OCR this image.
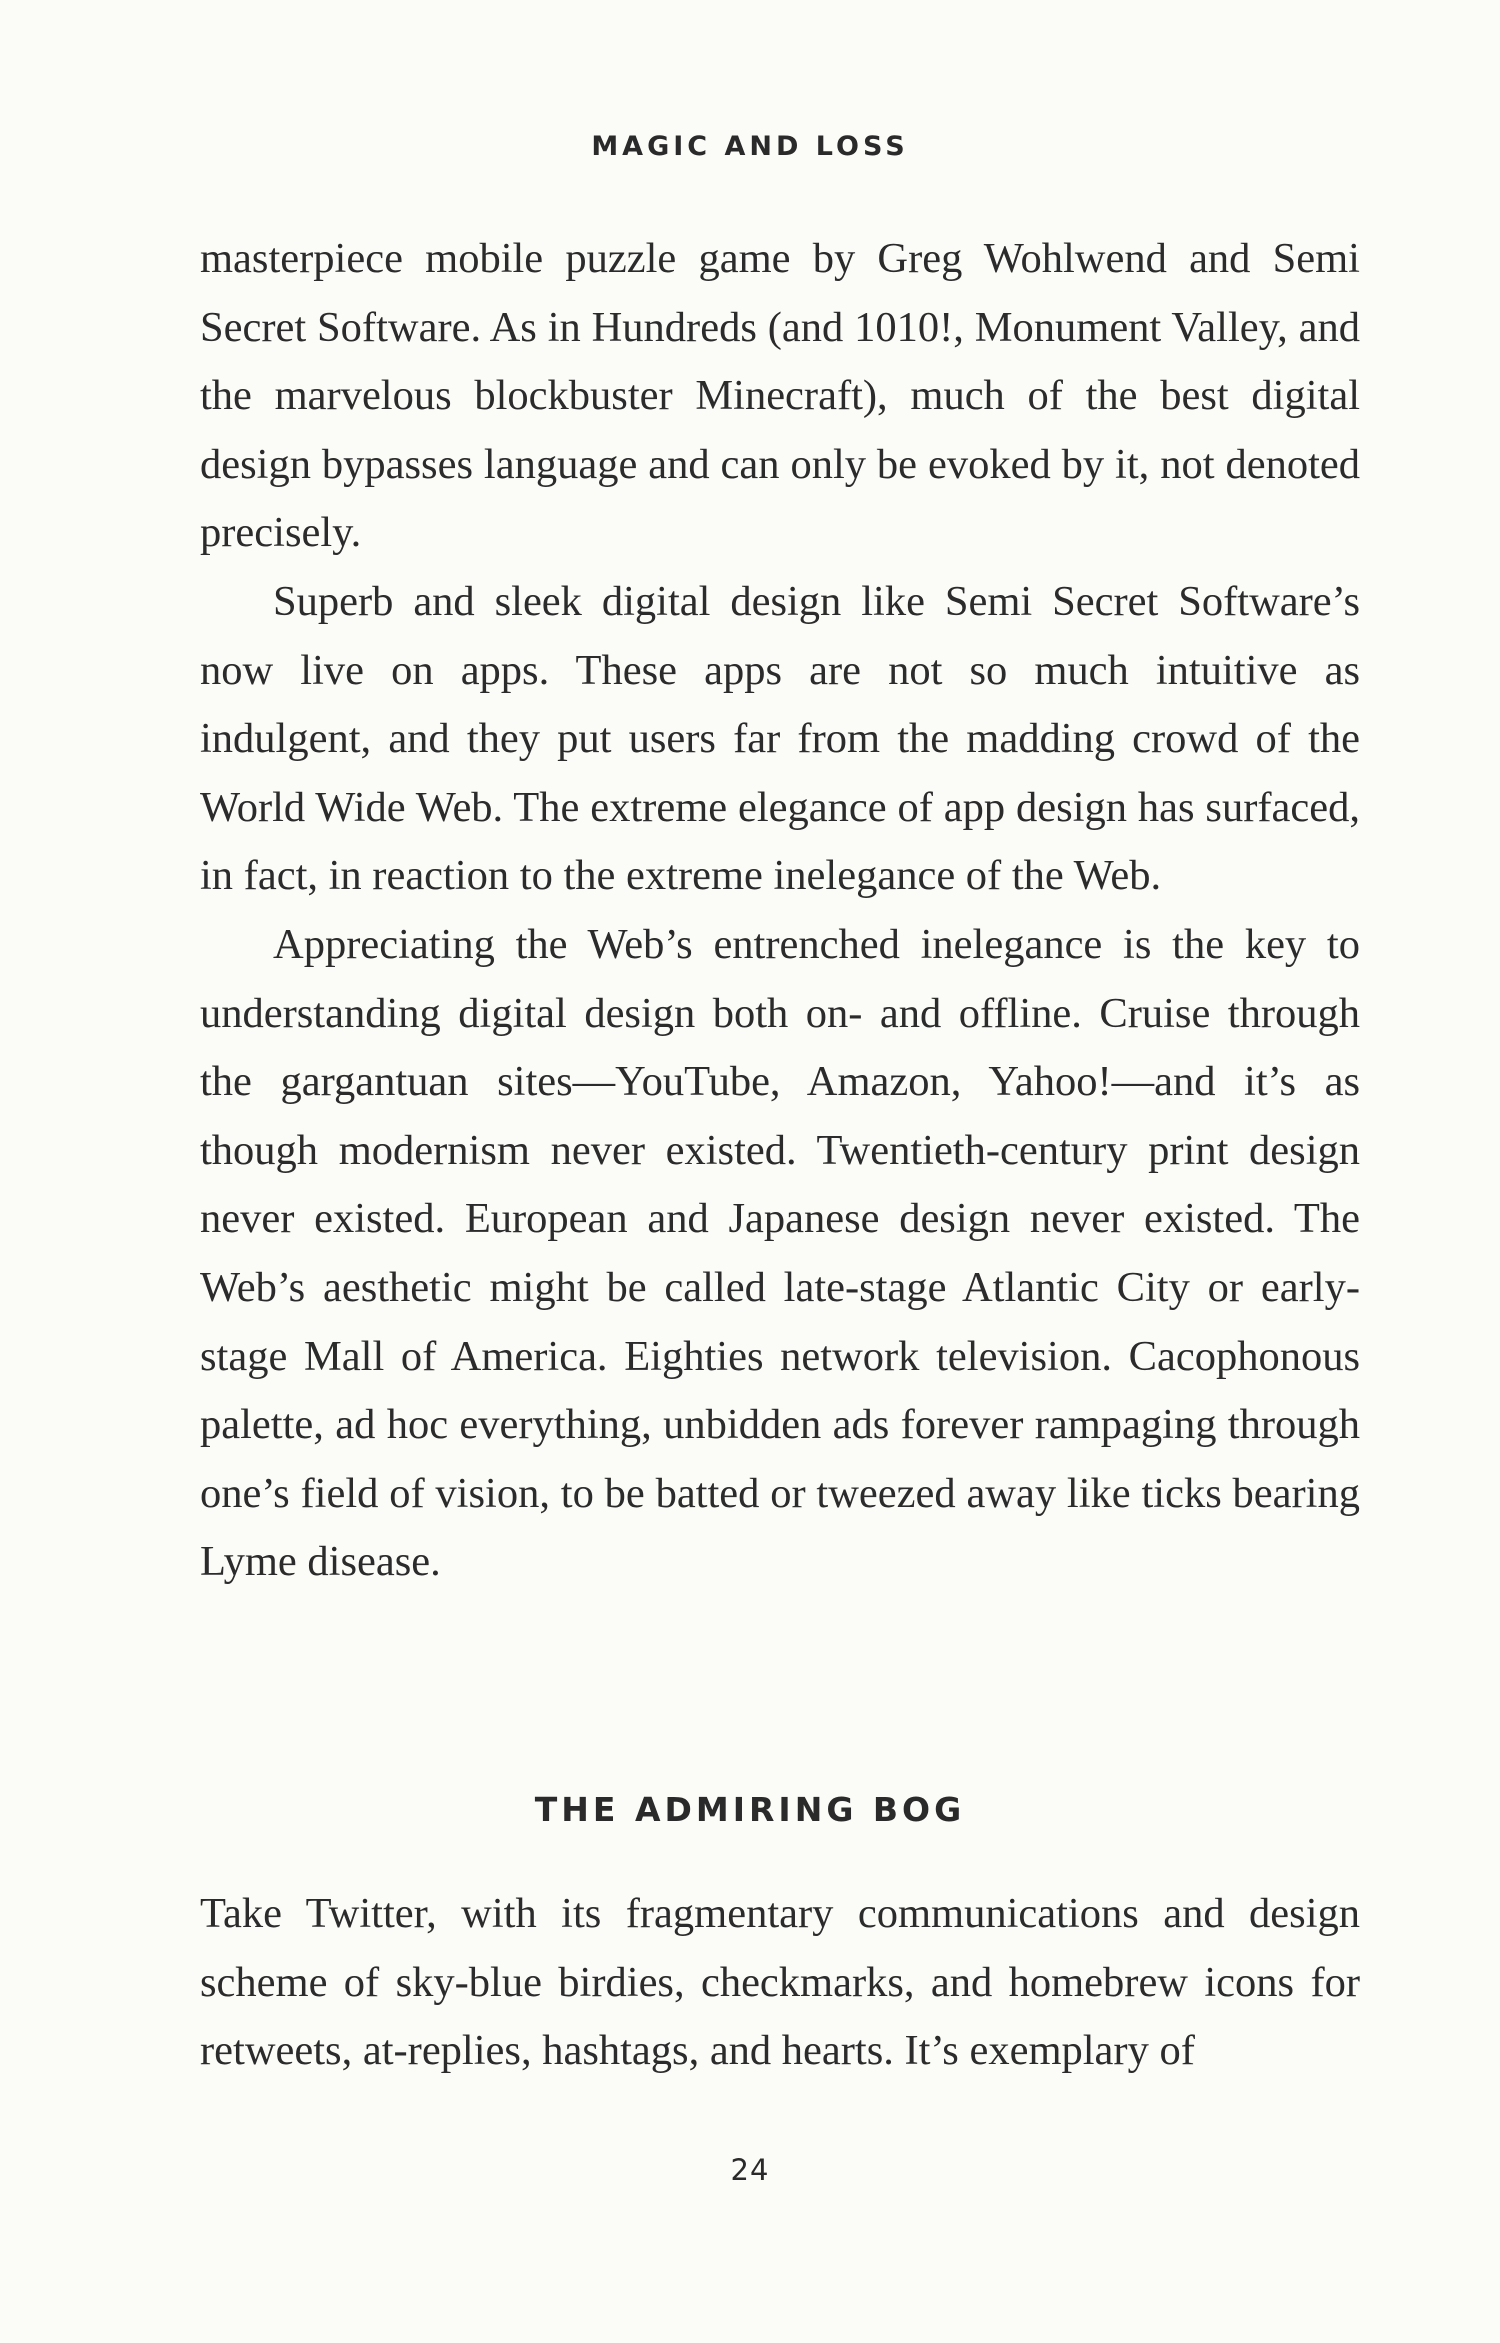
MAGIC AND LOSS

masterpiece mobile puzzle game by Greg Wohlwend and Semi Secret Software. As in Hundreds (and 1010!, Monument Valley, and the marvelous blockbuster Minecraft), much of the best digital design bypasses language and can only be evoked by it, not denoted precisely.

Superb and sleek digital design like Semi Secret Software’s now live on apps. These apps are not so much intuitive as indulgent, and they put users far from the madding crowd of the World Wide Web. The extreme elegance of app design has surfaced, in fact, in reaction to the extreme inelegance of the Web.

Appreciating the Web’s entrenched inelegance is the key to understanding digital design both on- and offline. Cruise through the gargantuan sites—YouTube, Amazon, Yahoo!—and it’s as though modernism never existed. Twentieth-century print design never existed. European and Japanese design never existed. The Web’s aesthetic might be called late-stage Atlantic City or early-stage Mall of America. Eighties network television. Cacophonous palette, ad hoc everything, unbidden ads forever rampaging through one’s field of vision, to be batted or tweezed away like ticks bearing Lyme disease.

THE ADMIRING BOG

Take Twitter, with its fragmentary communications and design scheme of sky-blue birdies, checkmarks, and homebrew icons for retweets, at-replies, hashtags, and hearts. It’s exemplary of

24
